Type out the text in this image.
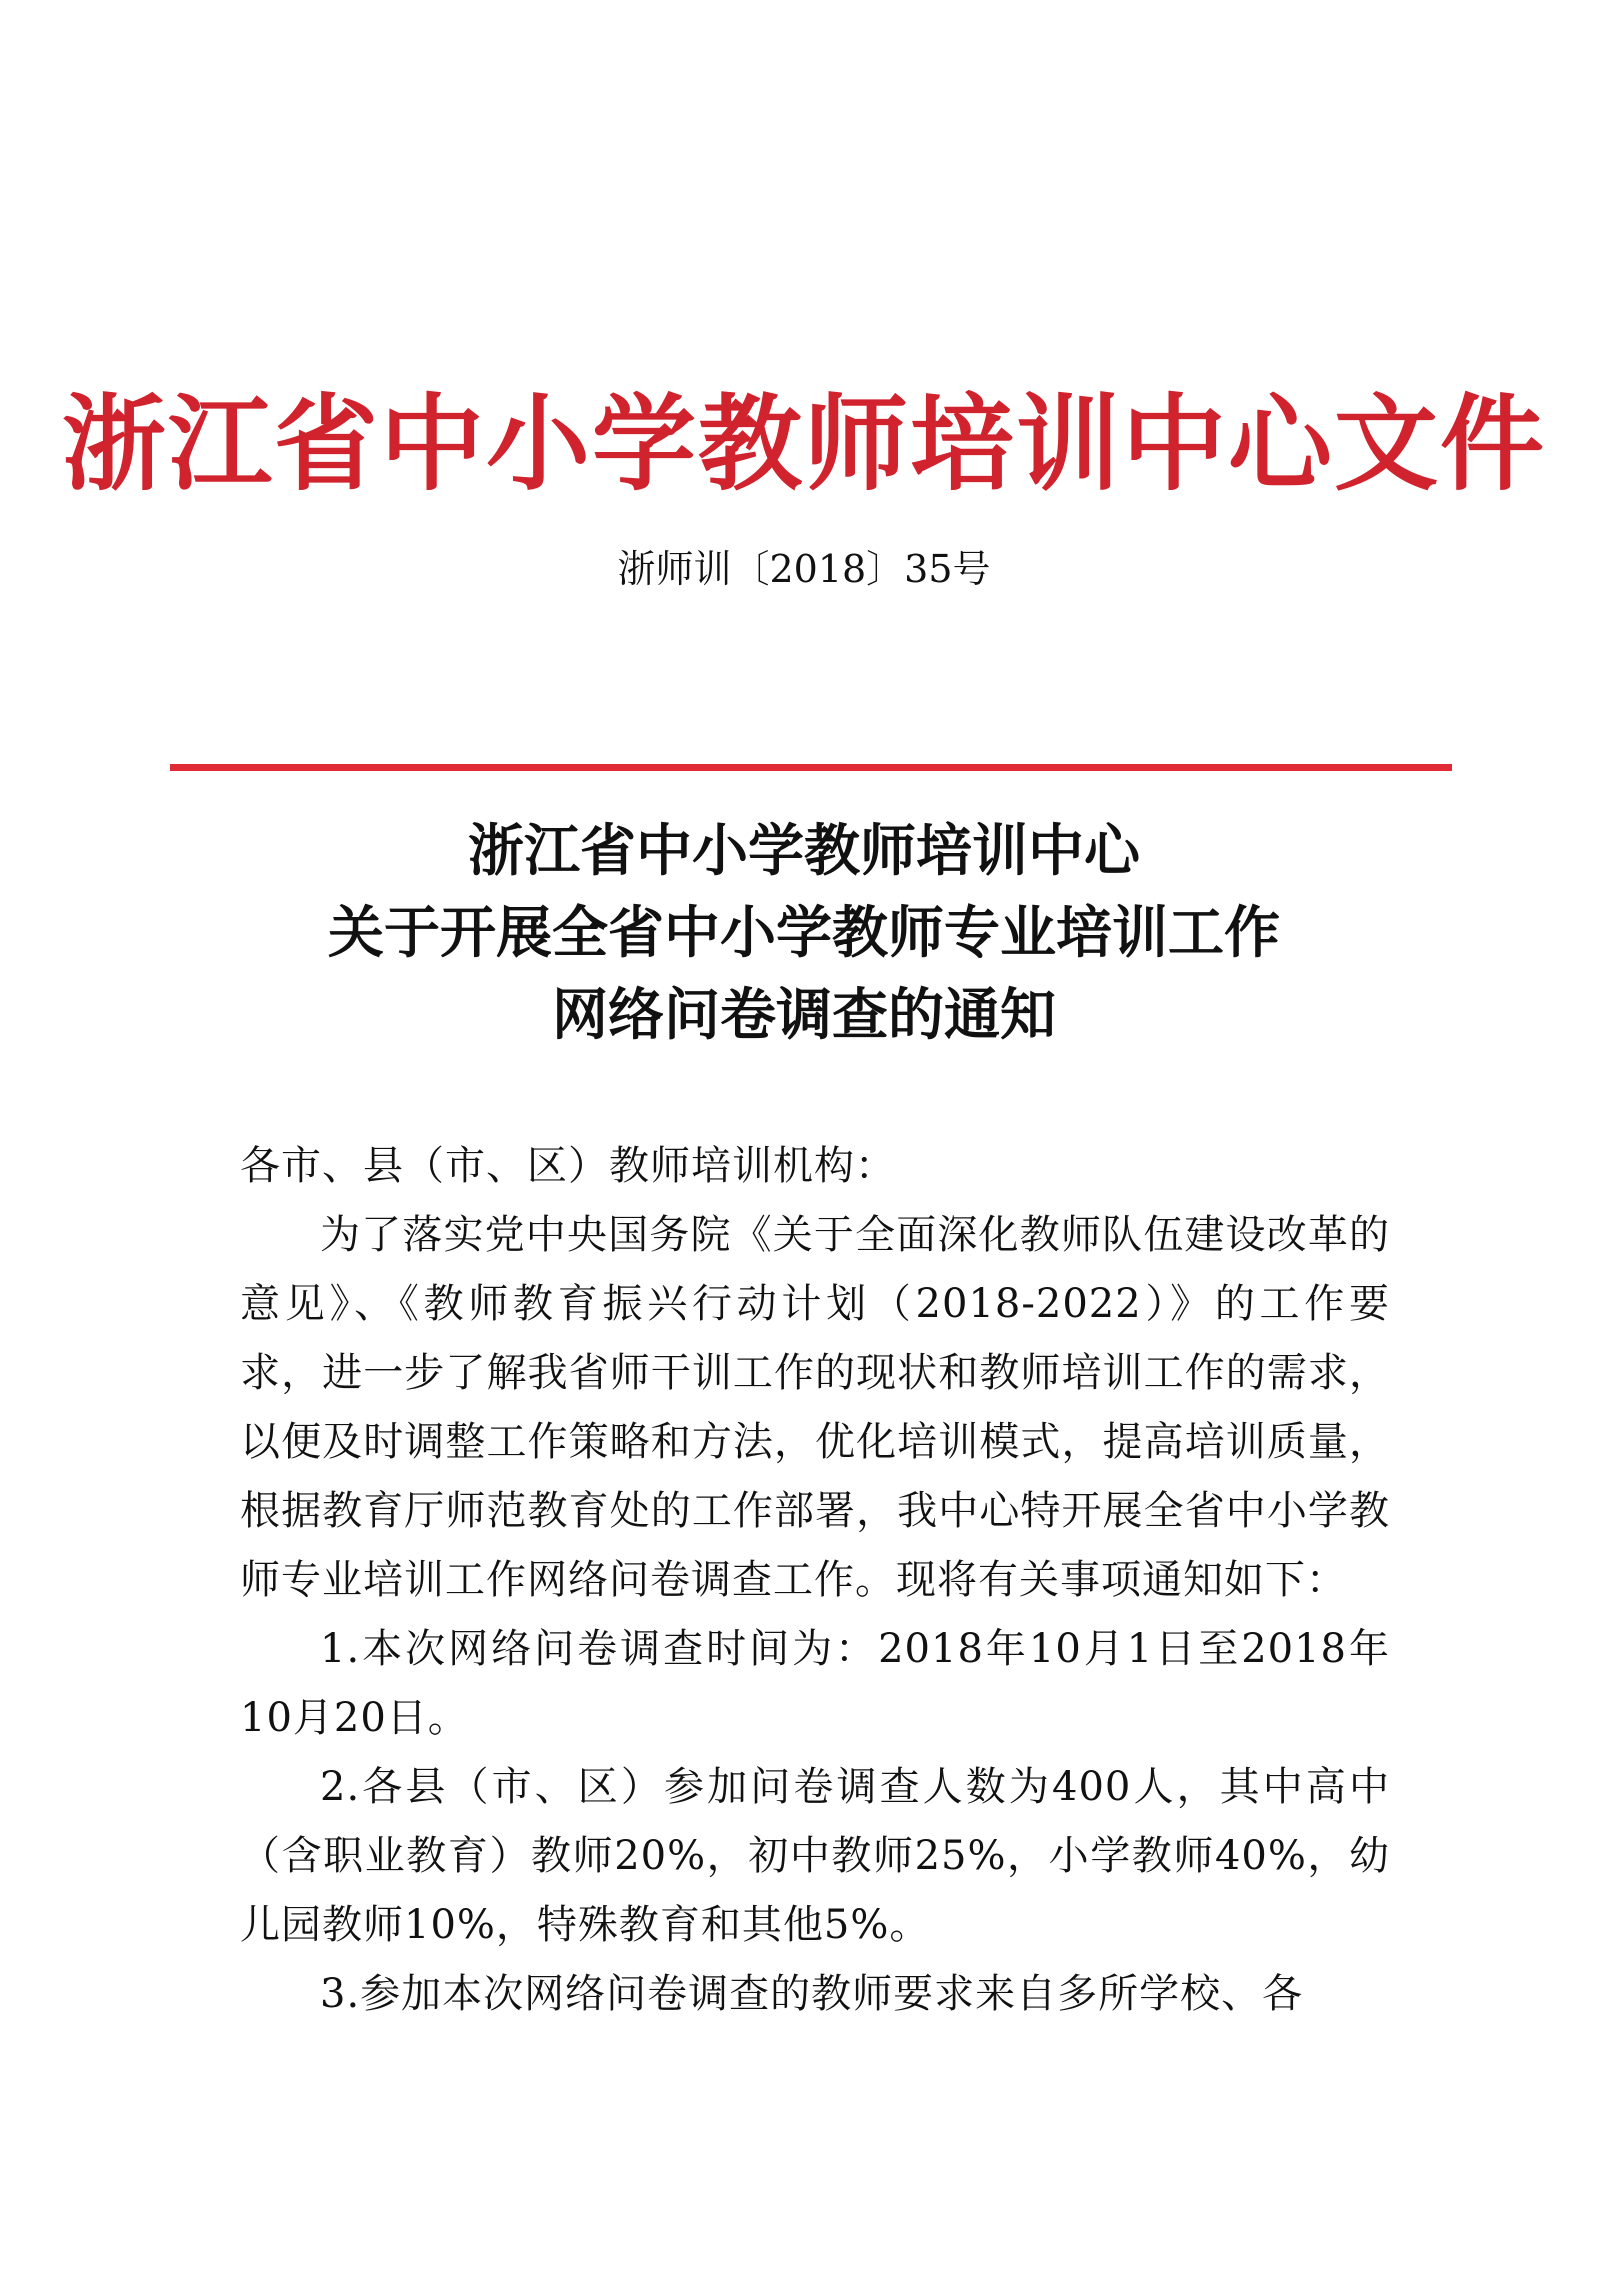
浙江省中小学教师培训中心文件
浙师训〔2018〕35号
浙江省中小学教师培训中心
关于开展全省中小学教师专业培训工作
网络问卷调查的通知

各市、县（市、区）教师培训机构：

为了落实党中央国务院《关于全面深化教师队伍建设改革的意见》、《教师教育振兴行动计划（2018-2022）》的工作要求，进一步了解我省师干训工作的现状和教师培训工作的需求，以便及时调整工作策略和方法，优化培训模式，提高培训质量，根据教育厅师范教育处的工作部署，我中心特开展全省中小学教师专业培训工作网络问卷调查工作。现将有关事项通知如下：

1.本次网络问卷调查时间为：2018年10月1日至2018年10月20日。

2.各县（市、区）参加问卷调查人数为400人，其中高中（含职业教育）教师20%，初中教师25%，小学教师40%，幼儿园教师10%，特殊教育和其他5%。

3.参加本次网络问卷调查的教师要求来自多所学校、各
